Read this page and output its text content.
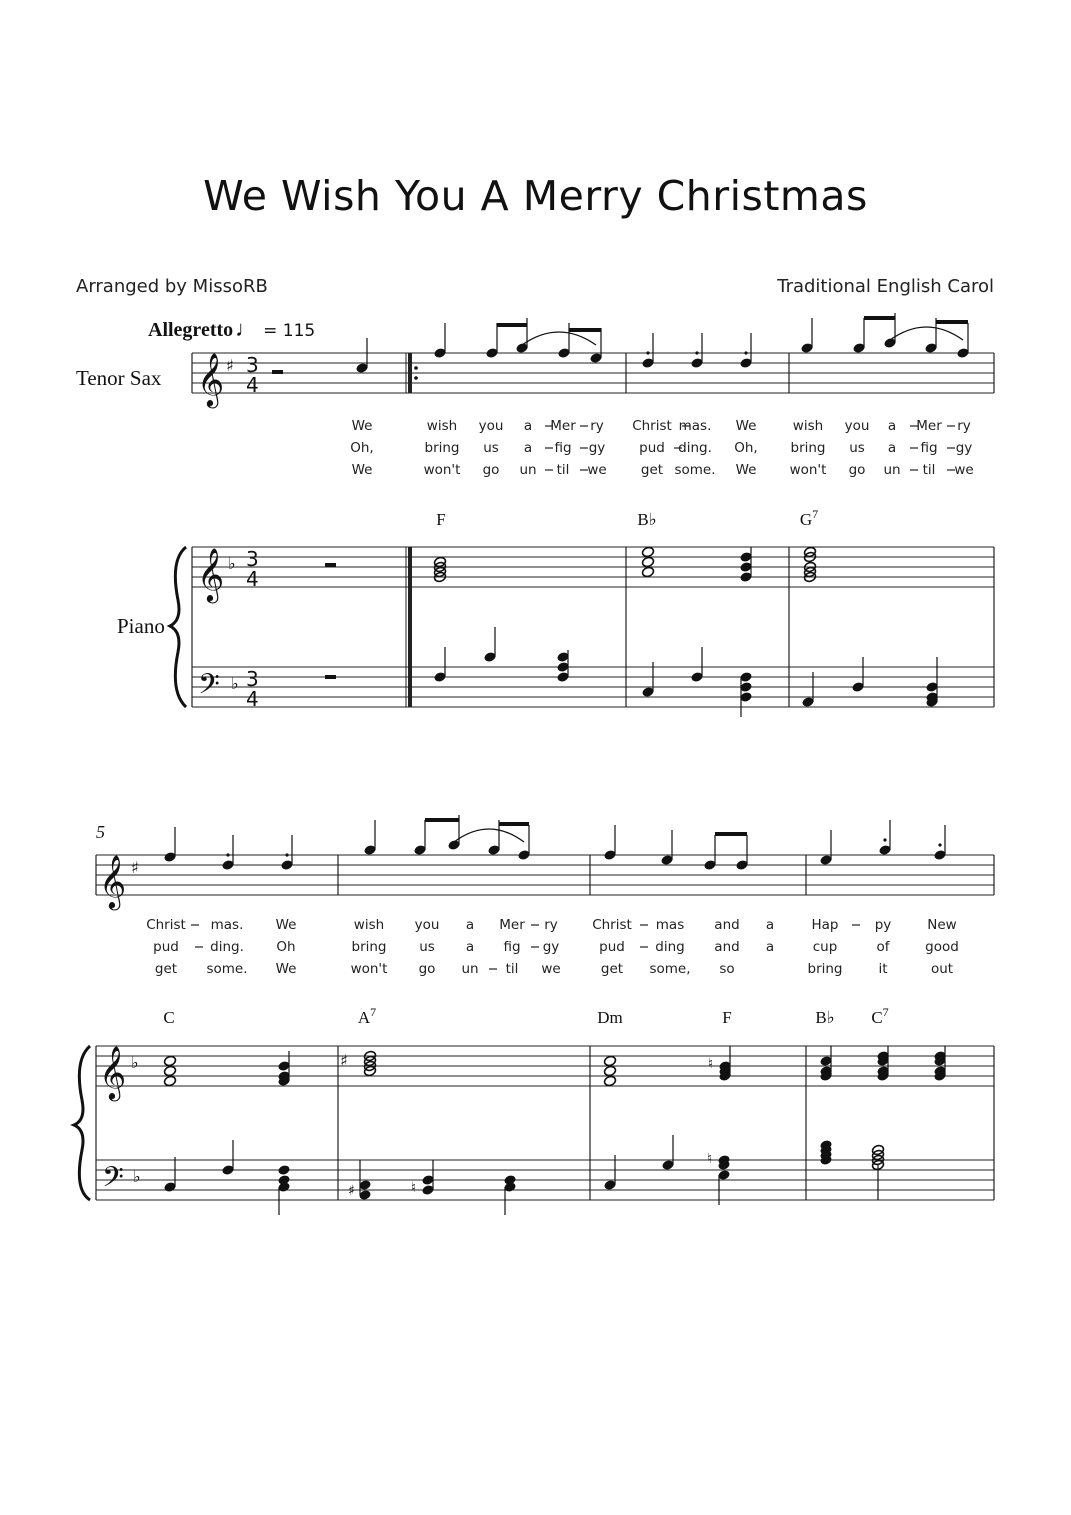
We Wish You A Merry Christmas
Arranged by MissoRB	Traditional English Carol
Allegretto♩ = 115
Tenor Sax
Piano
5
𝄞 ♯ 3
4
We	wish you a Mer ry Christ mas. We	wish you a Mer ry
Oh,	bring us a fig gy	pud ding. Oh, bring us a fig gy
We	won't go un til we	get some. We won't go un til we
F	B♭	$G^7$
𝄞 ♭ 3
4
𝄢 ♭ 3
4
𝄞 ♯
Christ mas. We	wish you a Mer ry	Christ mas and a	Hap	py	New
pud ding. Oh	bring us a fig gy	pud ding and a	cup	of	good
get some. We	won't go un til we	get some, so	bring	it	out
C	$A^7$	Dm	F	B♭ $C^7$
𝄞 ♭
𝄢 ♭
♯	♮
♯	♮
♮
